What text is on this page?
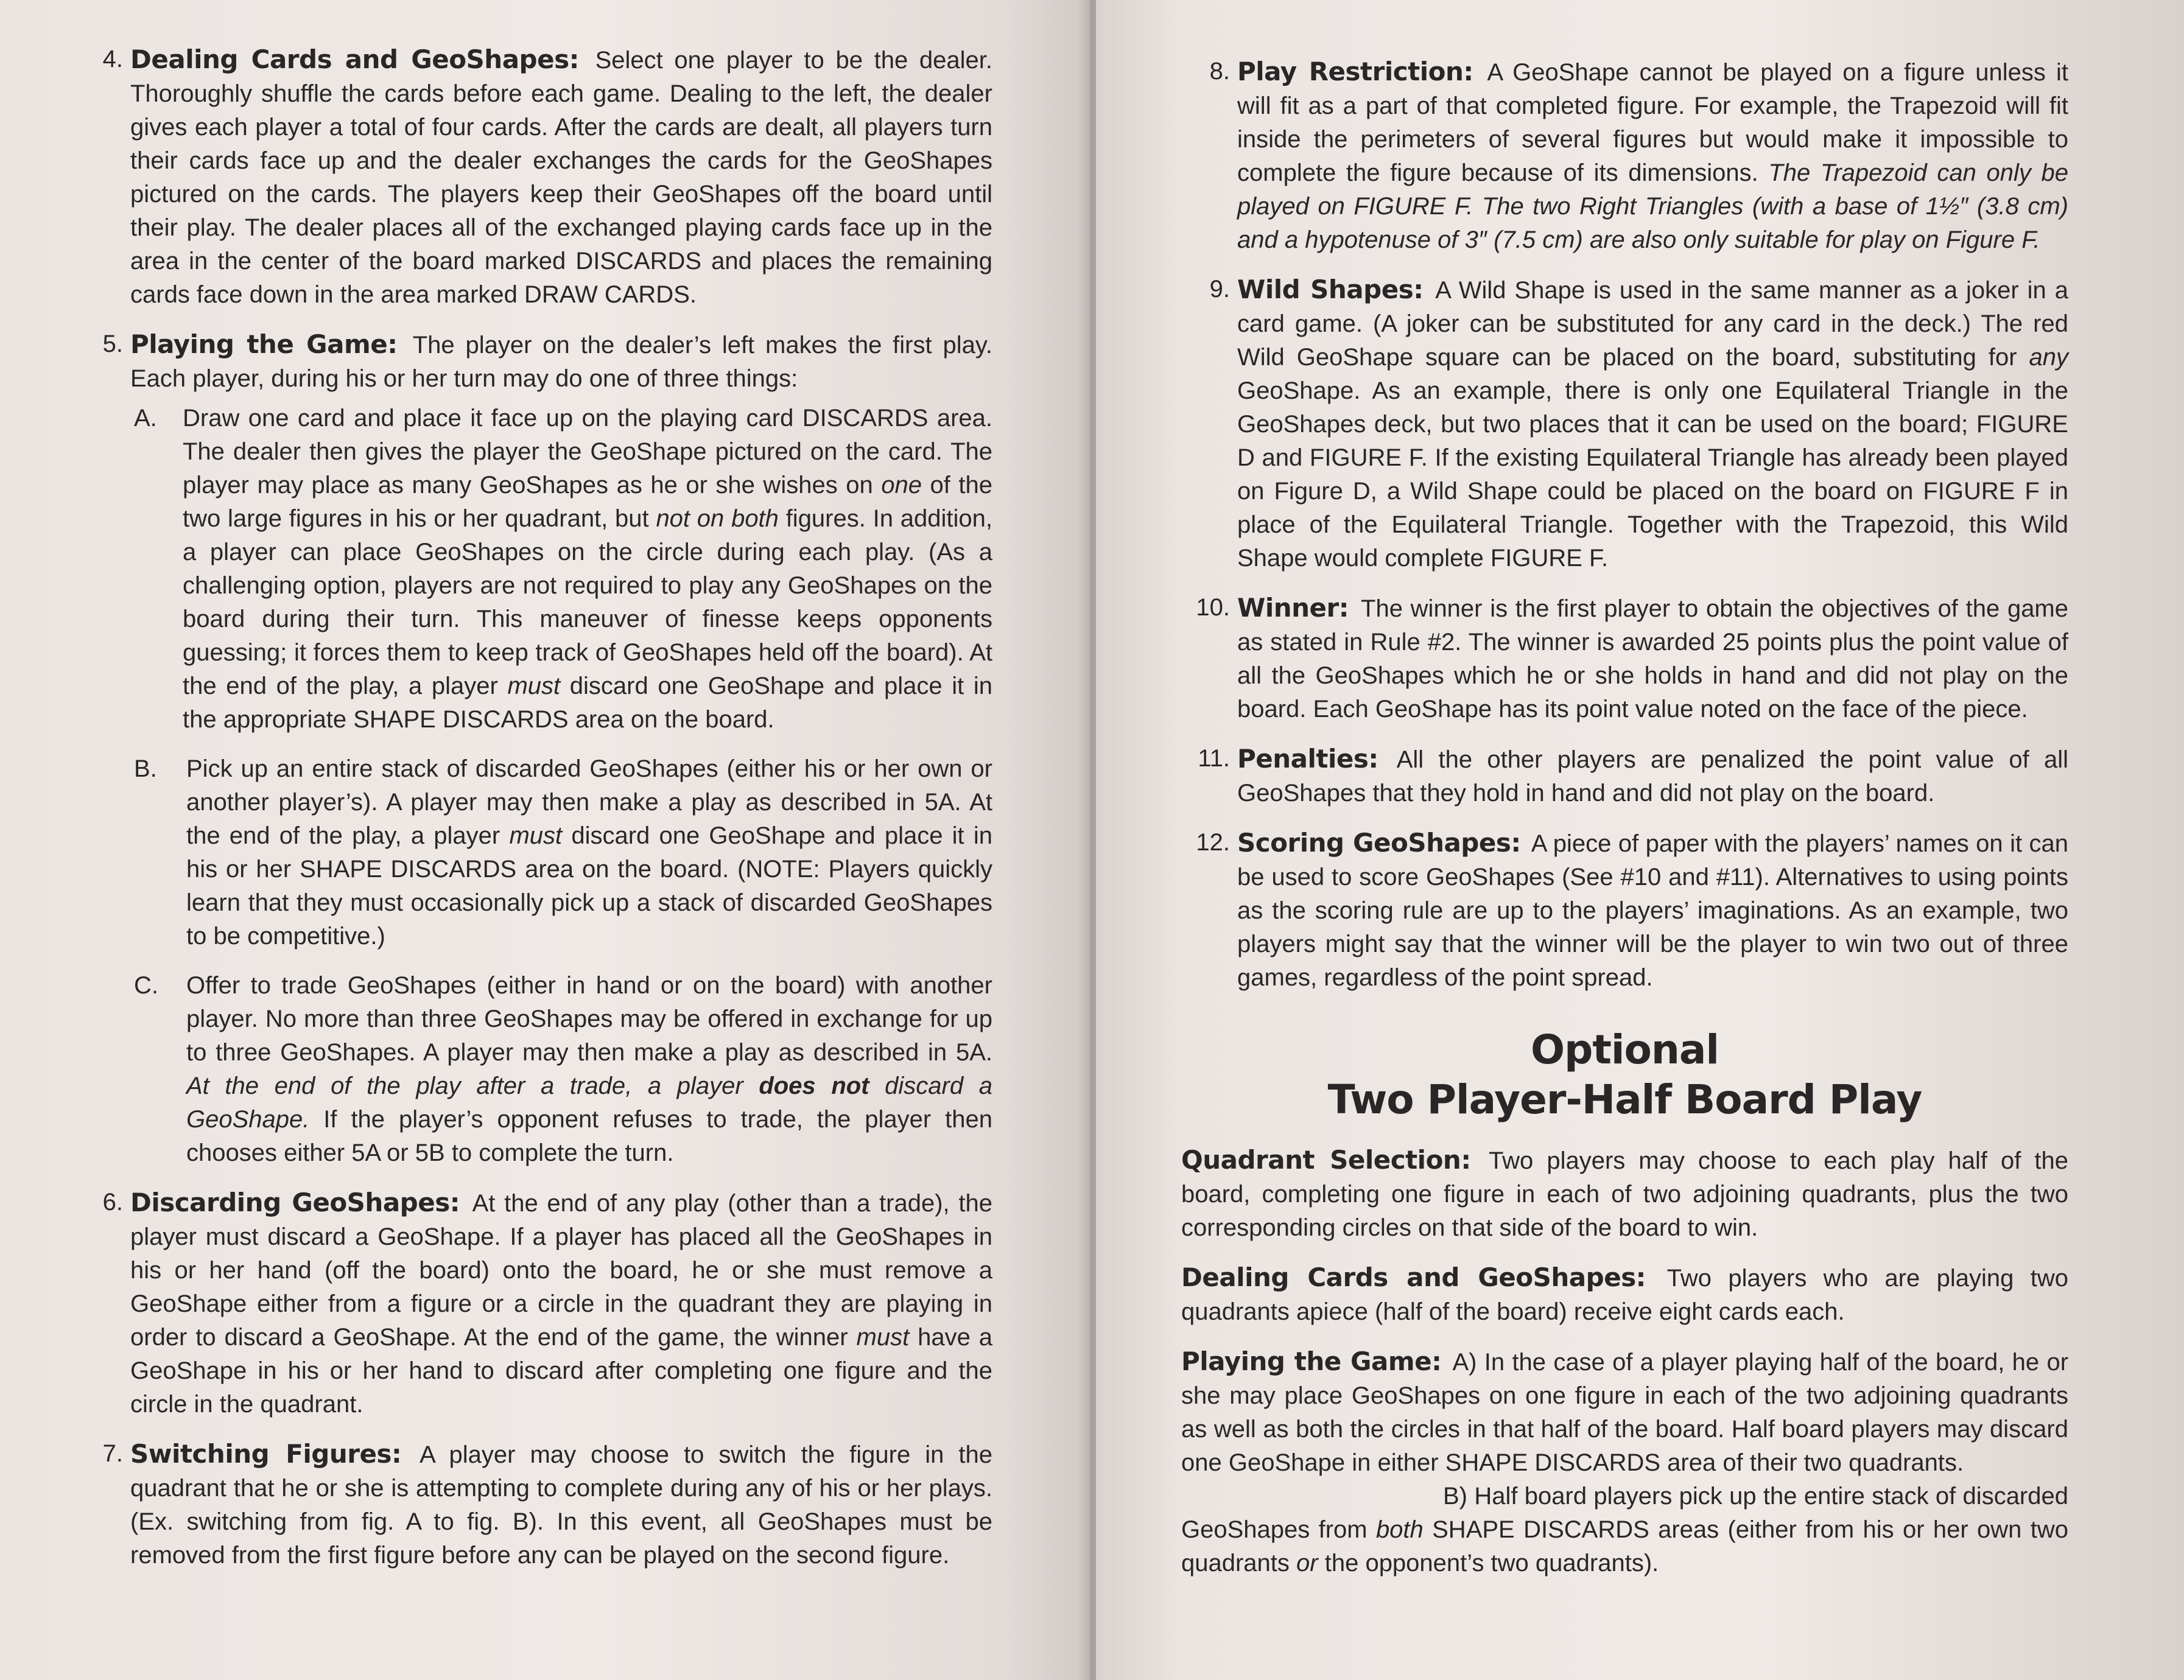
4. Dealing Cards and GeoShapes: Select one player to be the dealer. Thoroughly shuffle the cards before each game. Dealing to the left, the dealer gives each player a total of four cards. After the cards are dealt, all players turn their cards face up and the dealer exchanges the cards for the GeoShapes pictured on the cards. The players keep their GeoShapes off the board until their play. The dealer places all of the exchanged playing cards face up in the area in the center of the board marked DISCARDS and places the remaining cards face down in the area marked DRAW CARDS.
5. Playing the Game: The player on the dealer’s left makes the first play. Each player, during his or her turn may do one of three things:
A.	Draw one card and place it face up on the playing card DISCARDS area. The dealer then gives the player the GeoShape pictured on the card. The player may place as many GeoShapes as he or she wishes on one of the two large figures in his or her quadrant, but not on both figures. In addition, a player can place GeoShapes on the circle during each play. (As a challenging option, players are not required to play any GeoShapes on the board during their turn. This maneuver of finesse keeps opponents guessing; it forces them to keep track of GeoShapes held off the board). At the end of the play, a player must discard one GeoShape and place it in the appropriate SHAPE DISCARDS area on the board.
B.	Pick up an entire stack of discarded GeoShapes (either his or her own or another player’s). A player may then make a play as described in 5A. At the end of the play, a player must discard one GeoShape and place it in his or her SHAPE DISCARDS area on the board. (NOTE: Players quickly learn that they must occasionally pick up a stack of discarded GeoShapes to be competitive.)
C.	Offer to trade GeoShapes (either in hand or on the board) with another player. No more than three GeoShapes may be offered in exchange for up to three GeoShapes. A player may then make a play as described in 5A. At the end of the play after a trade, a player does not discard a GeoShape. If the player’s opponent refuses to trade, the player then chooses either 5A or 5B to complete the turn.
6. Discarding GeoShapes: At the end of any play (other than a trade), the player must discard a GeoShape. If a player has placed all the GeoShapes in his or her hand (off the board) onto the board, he or she must remove a GeoShape either from a figure or a circle in the quadrant they are playing in order to discard a GeoShape. At the end of the game, the winner must have a GeoShape in his or her hand to discard after completing one figure and the circle in the quadrant.
7. Switching Figures: A player may choose to switch the figure in the quadrant that he or she is attempting to complete during any of his or her plays. (Ex. switching from fig. A to fig. B). In this event, all GeoShapes must be removed from the first figure before any can be played on the second figure.
8. Play Restriction: A GeoShape cannot be played on a figure unless it will fit as a part of that completed figure. For example, the Trapezoid will fit inside the perimeters of several figures but would make it impossible to complete the figure because of its dimensions. The Trapezoid can only be played on FIGURE F. The two Right Triangles (with a base of 1½″ (3.8 cm) and a hypotenuse of 3″ (7.5 cm) are also only suitable for play on Figure F.
9. Wild Shapes: A Wild Shape is used in the same manner as a joker in a card game. (A joker can be substituted for any card in the deck.) The red Wild GeoShape square can be placed on the board, substituting for any GeoShape. As an example, there is only one Equilateral Triangle in the GeoShapes deck, but two places that it can be used on the board; FIGURE D and FIGURE F. If the existing Equilateral Triangle has already been played on Figure D, a Wild Shape could be placed on the board on FIGURE F in place of the Equilateral Triangle. Together with the Trapezoid, this Wild Shape would complete FIGURE F.
10. Winner: The winner is the first player to obtain the objectives of the game as stated in Rule #2. The winner is awarded 25 points plus the point value of all the GeoShapes which he or she holds in hand and did not play on the board. Each GeoShape has its point value noted on the face of the piece.
11. Penalties: All the other players are penalized the point value of all GeoShapes that they hold in hand and did not play on the board.
12. Scoring GeoShapes: A piece of paper with the players’ names on it can be used to score GeoShapes (See #10 and #11). Alternatives to using points as the scoring rule are up to the players’ imaginations. As an example, two players might say that the winner will be the player to win two out of three games, regardless of the point spread.
Optional
Two Player-Half Board Play
Quadrant Selection: Two players may choose to each play half of the board, completing one figure in each of two adjoining quadrants, plus the two corresponding circles on that side of the board to win.
Dealing Cards and GeoShapes: Two players who are playing two quadrants apiece (half of the board) receive eight cards each.
Playing the Game: A) In the case of a player playing half of the board, he or she may place GeoShapes on one figure in each of the two adjoining quadrants as well as both the circles in that half of the board. Half board players may discard one GeoShape in either SHAPE DISCARDS area of their two quadrants.
B) Half board players pick up the entire stack of discarded GeoShapes from both SHAPE DISCARDS areas (either from his or her own two quadrants or the opponent’s two quadrants).
